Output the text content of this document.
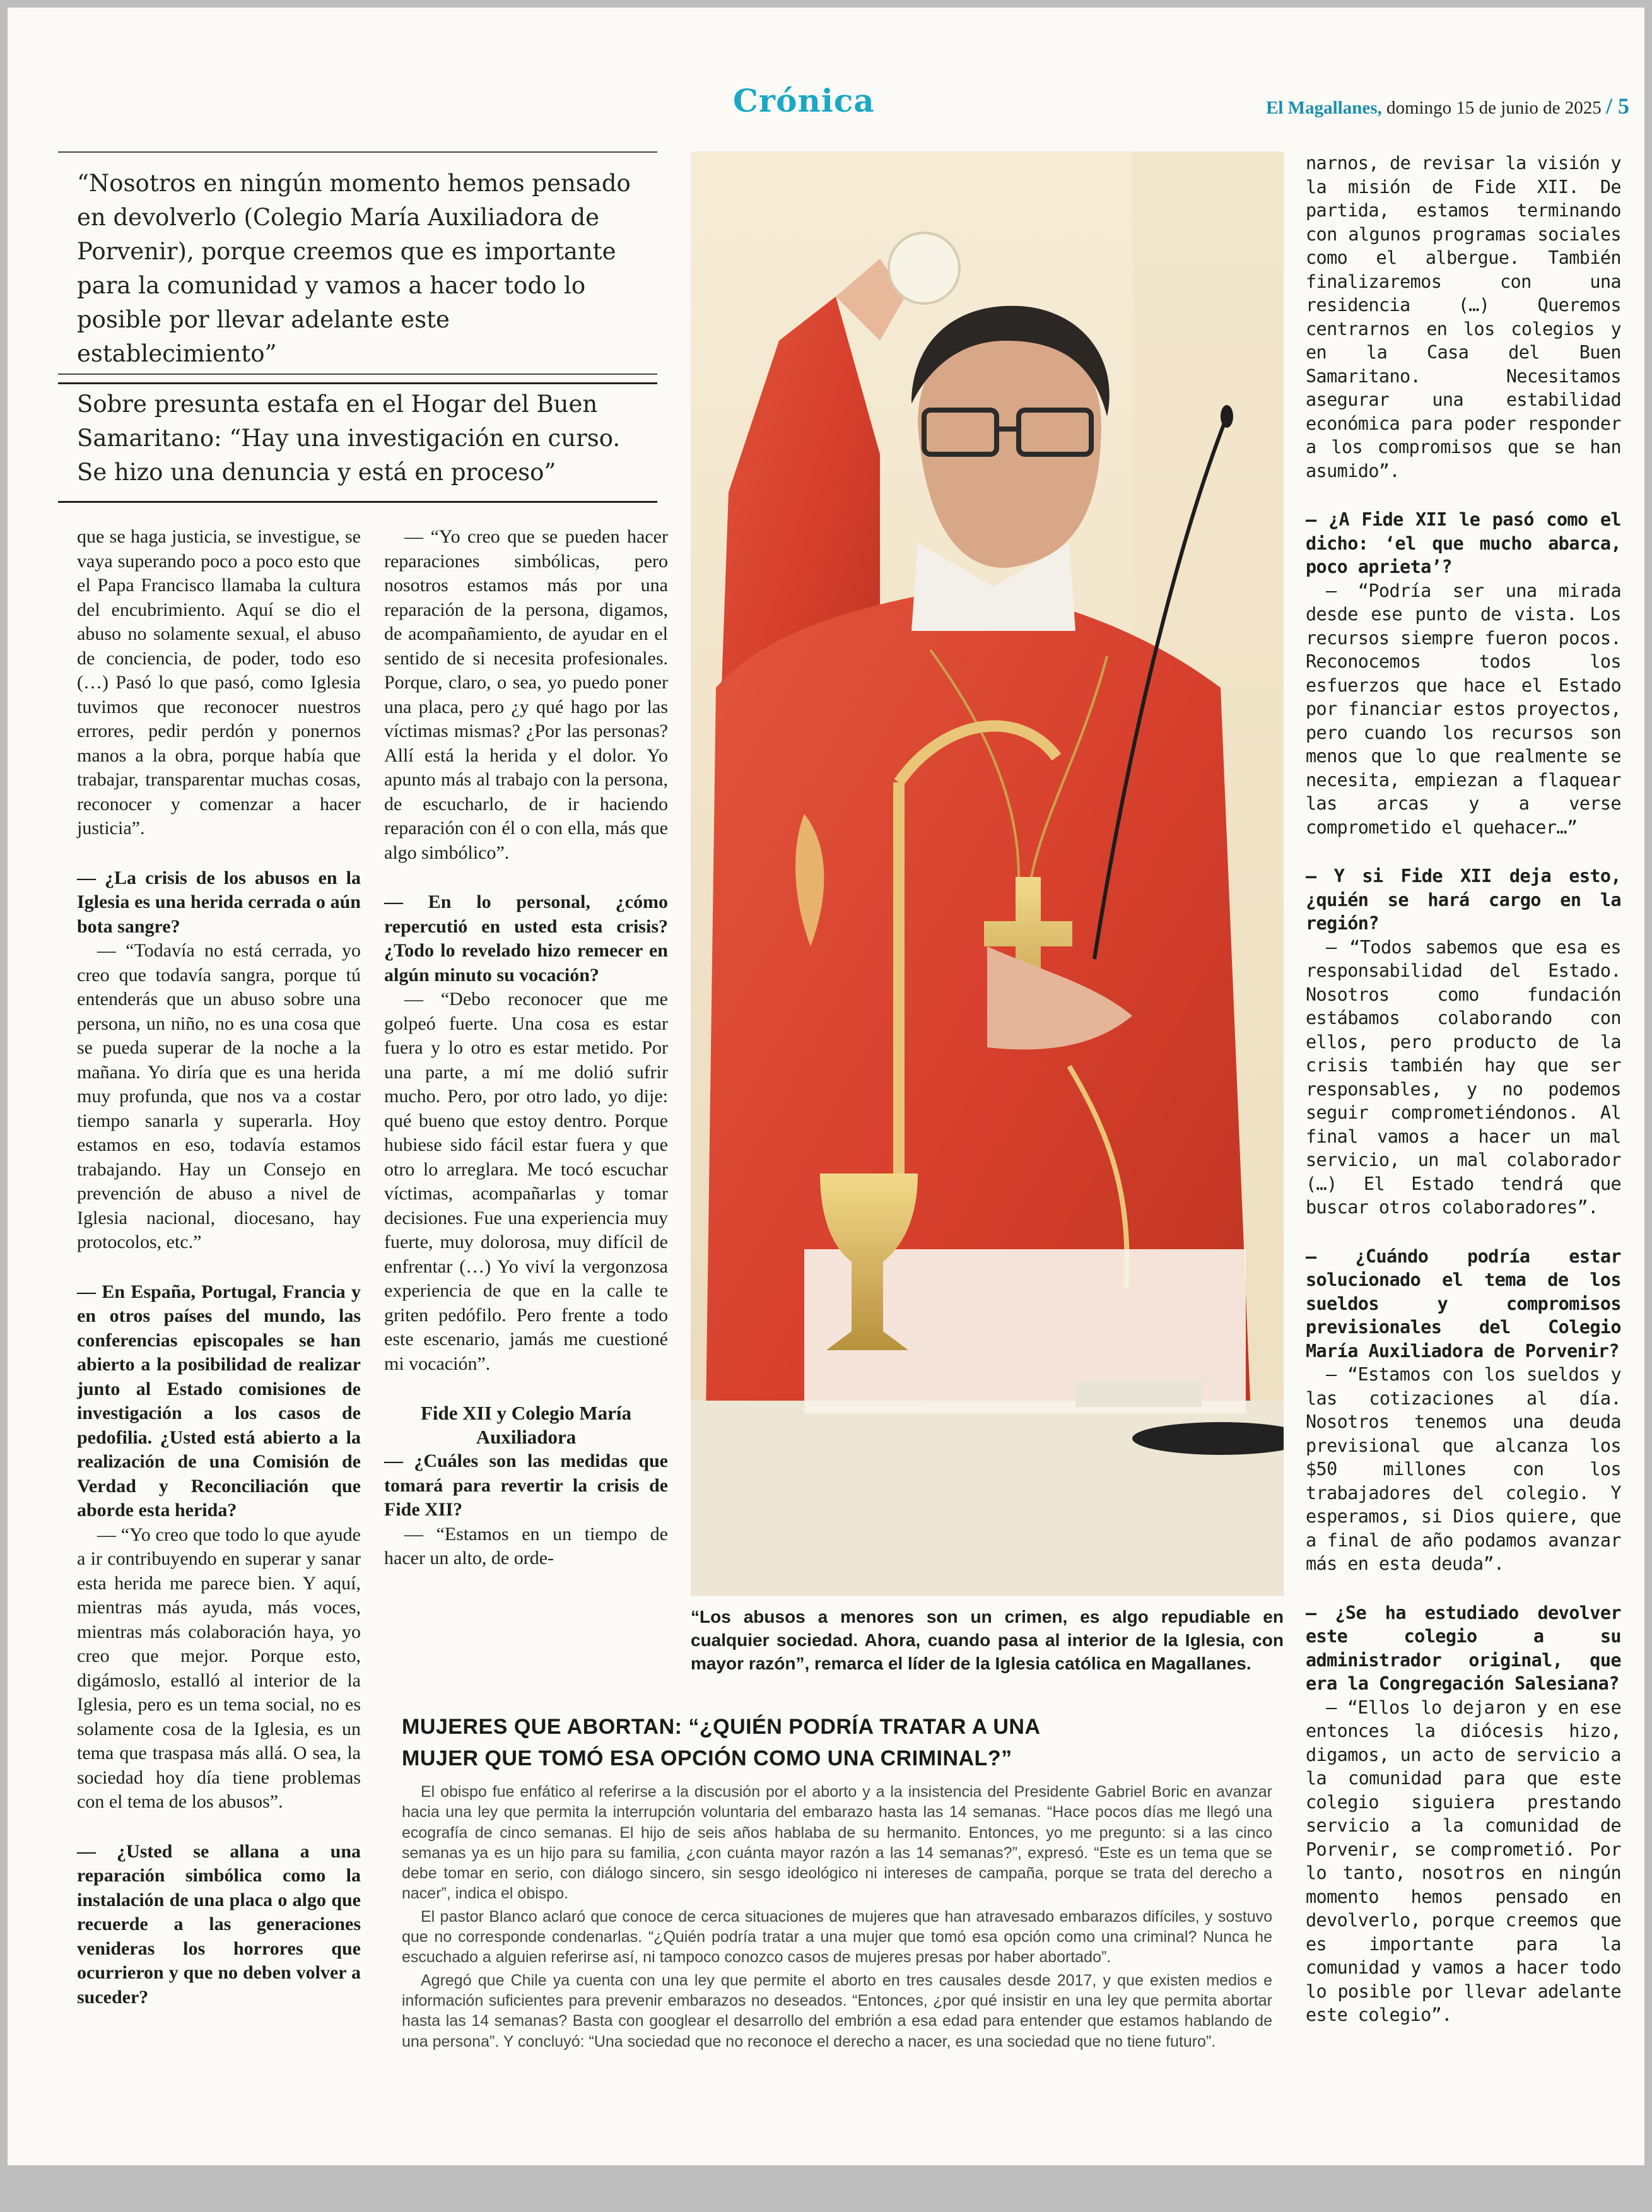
Crónica	El Magallanes, domingo 15 de junio de 2025 / 5
“Nosotros en ningún momento hemos pensado en devolverlo (Colegio María Auxiliadora de Porvenir), porque creemos que es importante para la comunidad y vamos a hacer todo lo posible por llevar adelante este establecimiento”
Sobre presunta estafa en el Hogar del Buen Samaritano: “Hay una investigación en curso. Se hizo una denuncia y está en proceso”

que se haga justicia, se investigue, se vaya superando poco a poco esto que el Papa Francisco llamaba la cultura del encubrimiento. Aquí se dio el abuso no solamente sexual, el abuso de conciencia, de poder, todo eso (…) Pasó lo que pasó, como Iglesia tuvimos que reconocer nuestros errores, pedir perdón y ponernos manos a la obra, porque había que trabajar, transparentar muchas cosas, reconocer y comenzar a hacer justicia”.

— ¿La crisis de los abusos en la Iglesia es una herida cerrada o aún bota sangre?

— “Todavía no está cerrada, yo creo que todavía sangra, porque tú entenderás que un abuso sobre una persona, un niño, no es una cosa que se pueda superar de la noche a la mañana. Yo diría que es una herida muy profunda, que nos va a costar tiempo sanarla y superarla. Hoy estamos en eso, todavía estamos trabajando. Hay un Consejo en prevención de abuso a nivel de Iglesia nacional, diocesano, hay protocolos, etc.”

— En España, Portugal, Francia y en otros países del mundo, las conferencias episcopales se han abierto a la posibilidad de realizar junto al Estado comisiones de investigación a los casos de pedofilia. ¿Usted está abierto a la realización de una Comisión de Verdad y Reconciliación que aborde esta herida?

— “Yo creo que todo lo que ayude a ir contribuyendo en superar y sanar esta herida me parece bien. Y aquí, mientras más ayuda, más voces, mientras más colaboración haya, yo creo que mejor. Porque esto, digámoslo, estalló al interior de la Iglesia, pero es un tema social, no es solamente cosa de la Iglesia, es un tema que traspasa más allá. O sea, la sociedad hoy día tiene problemas con el tema de los abusos”.

— ¿Usted se allana a una reparación simbólica como la instalación de una placa o algo que recuerde a las generaciones venideras los horrores que ocurrieron y que no deben volver a suceder?

— “Yo creo que se pueden hacer reparaciones simbólicas, pero nosotros estamos más por una reparación de la persona, digamos, de acompañamiento, de ayudar en el sentido de si necesita profesionales. Porque, claro, o sea, yo puedo poner una placa, pero ¿y qué hago por las víctimas mismas? ¿Por las personas? Allí está la herida y el dolor. Yo apunto más al trabajo con la persona, de escucharlo, de ir haciendo reparación con él o con ella, más que algo simbólico”.

— En lo personal, ¿cómo repercutió en usted esta crisis? ¿Todo lo revelado hizo remecer en algún minuto su vocación?

— “Debo reconocer que me golpeó fuerte. Una cosa es estar fuera y lo otro es estar metido. Por una parte, a mí me dolió sufrir mucho. Pero, por otro lado, yo dije: qué bueno que estoy dentro. Porque hubiese sido fácil estar fuera y que otro lo arreglara. Me tocó escuchar víctimas, acompañarlas y tomar decisiones. Fue una experiencia muy fuerte, muy dolorosa, muy difícil de enfrentar (…) Yo viví la vergonzosa experiencia de que en la calle te griten pedófilo. Pero frente a todo este escenario, jamás me cuestioné mi vocación”.

Fide XII y Colegio María Auxiliadora

— ¿Cuáles son las medidas que tomará para revertir la crisis de Fide XII?

— “Estamos en un tiempo de hacer un alto, de orde-

narnos, de revisar la visión y la misión de Fide XII. De partida, estamos terminando con algunos programas sociales como el albergue. También finalizaremos con una residencia (…) Queremos centrarnos en los colegios y en la Casa del Buen Samaritano. Necesitamos asegurar una estabilidad económica para poder responder a los compromisos que se han asumido”.

— ¿A Fide XII le pasó como el dicho: ‘el que mucho abarca, poco aprieta’?

— “Podría ser una mirada desde ese punto de vista. Los recursos siempre fueron pocos. Reconocemos todos los esfuerzos que hace el Estado por financiar estos proyectos, pero cuando los recursos son menos que lo que realmente se necesita, empiezan a flaquear las arcas y a verse comprometido el quehacer…”

— Y si Fide XII deja esto, ¿quién se hará cargo en la región?

— “Todos sabemos que esa es responsabilidad del Estado. Nosotros como fundación estábamos colaborando con ellos, pero producto de la crisis también hay que ser responsables, y no podemos seguir comprometiéndonos. Al final vamos a hacer un mal servicio, un mal colaborador (…) El Estado tendrá que buscar otros colaboradores”.

— ¿Cuándo podría estar solucionado el tema de los sueldos y compromisos previsionales del Colegio María Auxiliadora de Porvenir?

— “Estamos con los sueldos y las cotizaciones al día. Nosotros tenemos una deuda previsional que alcanza los $50 millones con los trabajadores del colegio. Y esperamos, si Dios quiere, que a final de año podamos avanzar más en esta deuda”.

— ¿Se ha estudiado devolver este colegio a su administrador original, que era la Congregación Salesiana?

— “Ellos lo dejaron y en ese entonces la diócesis hizo, digamos, un acto de servicio a la comunidad para que este colegio siguiera prestando servicio a la comunidad de Porvenir, se comprometió. Por lo tanto, nosotros en ningún momento hemos pensado en devolverlo, porque creemos que es importante para la comunidad y vamos a hacer todo lo posible por llevar adelante este colegio”.

“Los abusos a menores son un crimen, es algo repudiable en cualquier sociedad. Ahora, cuando pasa al interior de la Iglesia, con mayor razón”, remarca el líder de la Iglesia católica en Magallanes.
MUJERES QUE ABORTAN: “¿QUIÉN PODRÍA TRATAR A UNA
MUJER QUE TOMÓ ESA OPCIÓN COMO UNA CRIMINAL?”

El obispo fue enfático al referirse a la discusión por el aborto y a la insistencia del Presidente Gabriel Boric en avanzar hacia una ley que permita la interrupción voluntaria del embarazo hasta las 14 semanas. “Hace pocos días me llegó una ecografía de cinco semanas. El hijo de seis años hablaba de su hermanito. Entonces, yo me pregunto: si a las cinco semanas ya es un hijo para su familia, ¿con cuánta mayor razón a las 14 semanas?”, expresó. “Este es un tema que se debe tomar en serio, con diálogo sincero, sin sesgo ideológico ni intereses de campaña, porque se trata del derecho a nacer”, indica el obispo.

El pastor Blanco aclaró que conoce de cerca situaciones de mujeres que han atravesado embarazos difíciles, y sostuvo que no corresponde condenarlas. “¿Quién podría tratar a una mujer que tomó esa opción como una criminal? Nunca he escuchado a alguien referirse así, ni tampoco conozco casos de mujeres presas por haber abortado”.

Agregó que Chile ya cuenta con una ley que permite el aborto en tres causales desde 2017, y que existen medios e información suficientes para prevenir embarazos no deseados. “Entonces, ¿por qué insistir en una ley que permita abortar hasta las 14 semanas? Basta con googlear el desarrollo del embrión a esa edad para entender que estamos hablando de una persona”. Y concluyó: “Una sociedad que no reconoce el derecho a nacer, es una sociedad que no tiene futuro”.
